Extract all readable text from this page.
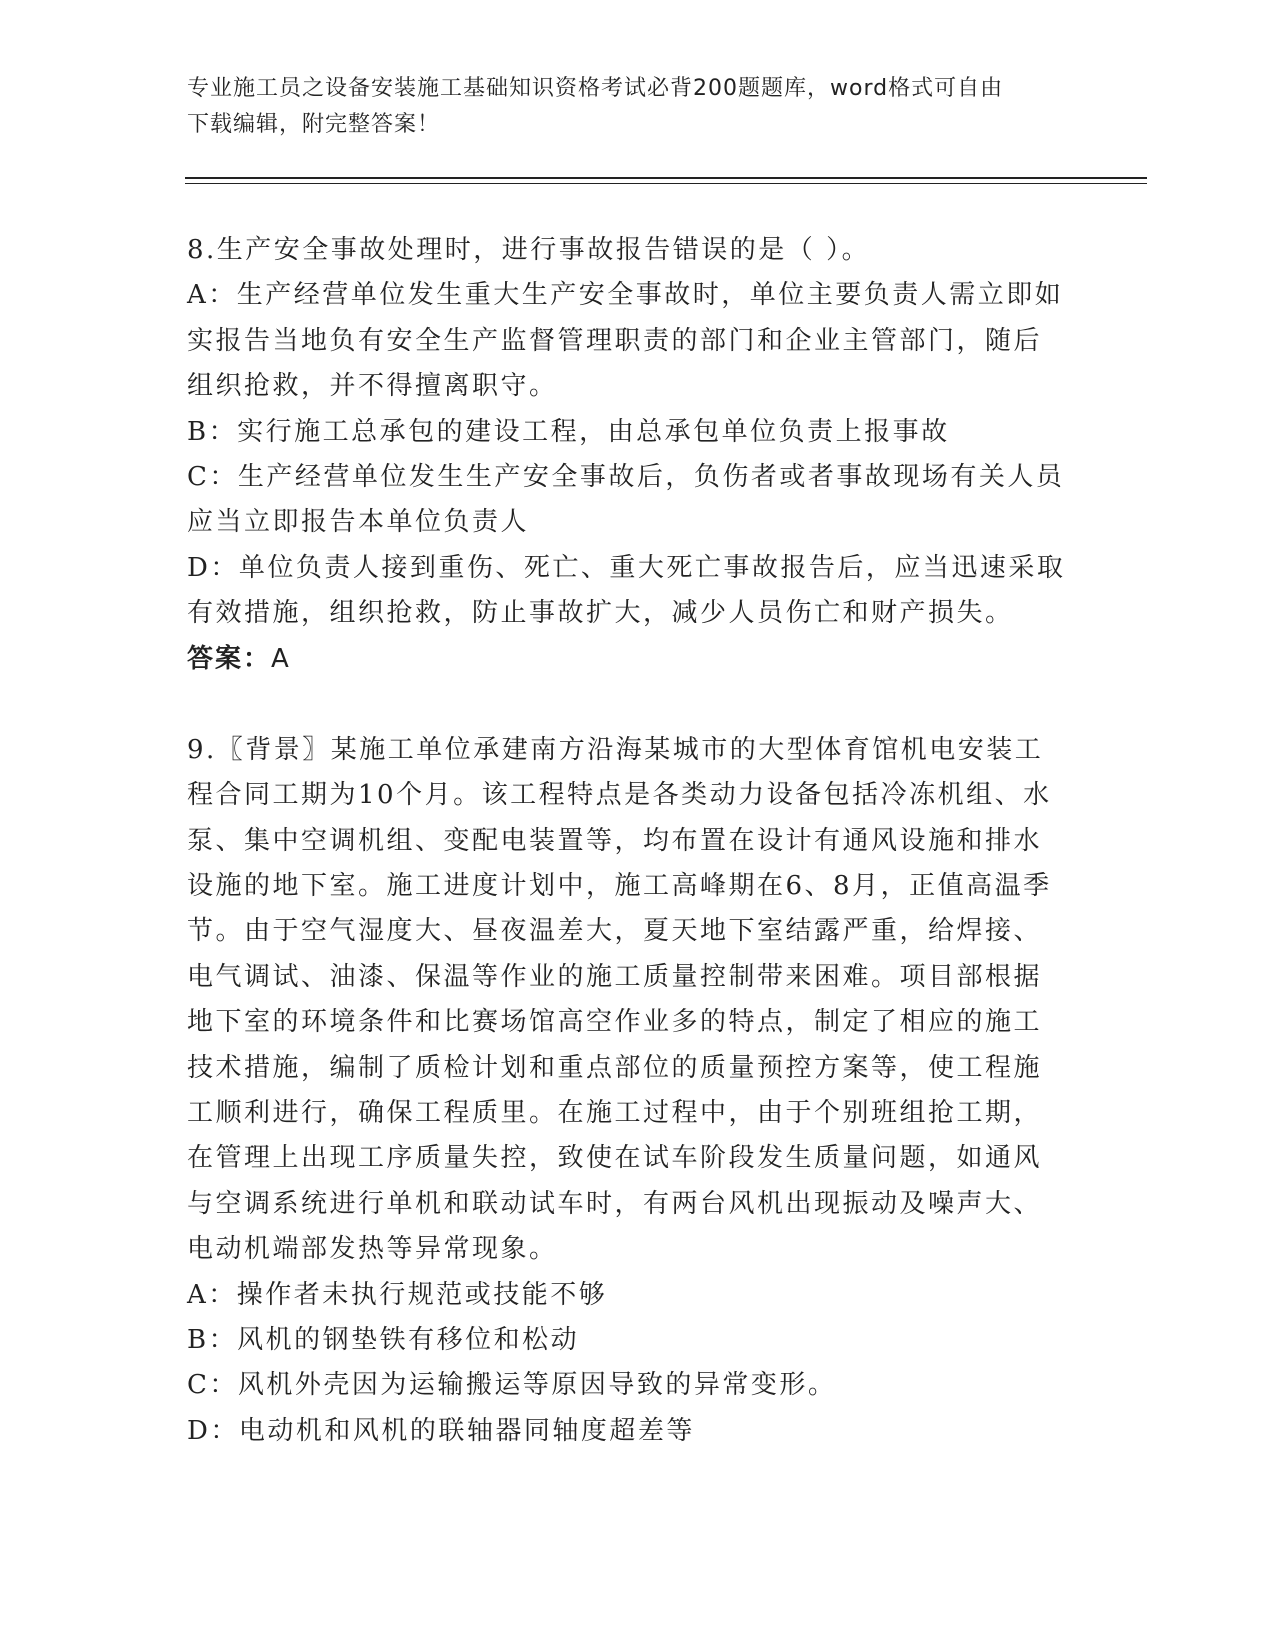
专业施工员之设备安装施工基础知识资格考试必背200题题库，word格式可自由
下载编辑，附完整答案！
8.生产安全事故处理时，进行事故报告错误的是（ ）。
A：生产经营单位发生重大生产安全事故时，单位主要负责人需立即如
实报告当地负有安全生产监督管理职责的部门和企业主管部门，随后
组织抢救，并不得擅离职守。
B：实行施工总承包的建设工程，由总承包单位负责上报事故
C：生产经营单位发生生产安全事故后，负伤者或者事故现场有关人员
应当立即报告本单位负责人
D：单位负责人接到重伤、死亡、重大死亡事故报告后，应当迅速采取
有效措施，组织抢救，防止事故扩大，减少人员伤亡和财产损失。
答案：A
9.〖背景〗某施工单位承建南方沿海某城市的大型体育馆机电安装工
程合同工期为10个月。该工程特点是各类动力设备包括冷冻机组、水
泵、集中空调机组、变配电装置等，均布置在设计有通风设施和排水
设施的地下室。施工进度计划中，施工高峰期在6、8月，正值高温季
节。由于空气湿度大、昼夜温差大，夏天地下室结露严重，给焊接、
电气调试、油漆、保温等作业的施工质量控制带来困难。项目部根据
地下室的环境条件和比赛场馆高空作业多的特点，制定了相应的施工
技术措施，编制了质检计划和重点部位的质量预控方案等，使工程施
工顺利进行，确保工程质里。在施工过程中，由于个别班组抢工期，
在管理上出现工序质量失控，致使在试车阶段发生质量问题，如通风
与空调系统进行单机和联动试车时，有两台风机出现振动及噪声大、
电动机端部发热等异常现象。
A：操作者未执行规范或技能不够
B：风机的钢垫铁有移位和松动
C：风机外壳因为运输搬运等原因导致的异常变形。
D：电动机和风机的联轴器同轴度超差等
